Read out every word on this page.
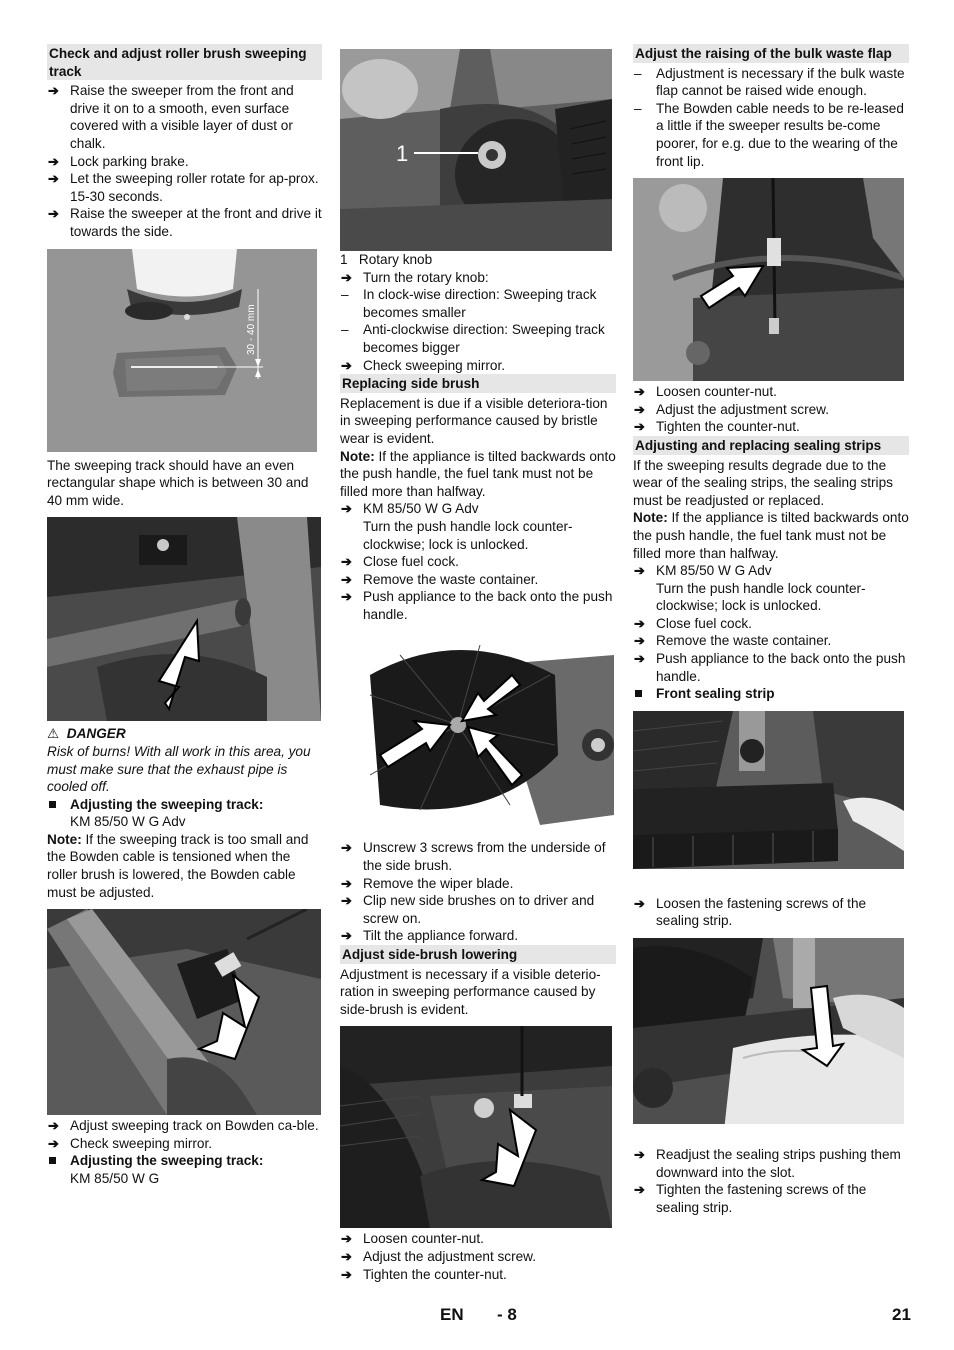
Check and adjust roller brush sweeping track
➔ Raise the sweeper from the front and drive it on to a smooth, even surface covered with a visible layer of dust or chalk.
➔ Lock parking brake.
➔ Let the sweeping roller rotate for ap-prox. 15-30 seconds.
➔ Raise the sweeper at the front and drive it towards the side.
30 - 40 mm
The sweeping track should have an even rectangular shape which is between 30 and 40 mm wide.
⚠ DANGER
Risk of burns! With all work in this area, you must make sure that the exhaust pipe is cooled off.
Adjusting the sweeping track:
KM 85/50 W G Adv
Note: If the sweeping track is too small and the Bowden cable is tensioned when the roller brush is lowered, the Bowden cable must be adjusted.
➔ Adjust sweeping track on Bowden ca-ble.
➔ Check sweeping mirror.
Adjusting the sweeping track:
KM 85/50 W G
1
1   Rotary knob
➔ Turn the rotary knob:
– In clock-wise direction: Sweeping track becomes smaller
– Anti-clockwise direction: Sweeping track becomes bigger
➔ Check sweeping mirror.
Replacing side brush
Replacement is due if a visible deteriora-tion in sweeping performance caused by bristle wear is evident.
Note: If the appliance is tilted backwards onto the push handle, the fuel tank must not be filled more than halfway.
➔ KM 85/50 W G Adv
Turn the push handle lock counter-clockwise; lock is unlocked.
➔ Close fuel cock.
➔ Remove the waste container.
➔ Push appliance to the back onto the push handle.
➔ Unscrew 3 screws from the underside of the side brush.
➔ Remove the wiper blade.
➔ Clip new side brushes on to driver and screw on.
➔ Tilt the appliance forward.
Adjust side-brush lowering
Adjustment is necessary if a visible deterio-ration in sweeping performance caused by side-brush is evident.
➔ Loosen counter-nut.
➔ Adjust the adjustment screw.
➔ Tighten the counter-nut.
Adjust the raising of the bulk waste flap
– Adjustment is necessary if the bulk waste flap cannot be raised wide enough.
– The Bowden cable needs to be re-leased a little if the sweeper results be-come poorer, for e.g. due to the wearing of the front lip.
➔ Loosen counter-nut.
➔ Adjust the adjustment screw.
➔ Tighten the counter-nut.
Adjusting and replacing sealing strips
If the sweeping results degrade due to the wear of the sealing strips, the sealing strips must be readjusted or replaced.
Note: If the appliance is tilted backwards onto the push handle, the fuel tank must not be filled more than halfway.
➔ KM 85/50 W G Adv
Turn the push handle lock counter-clockwise; lock is unlocked.
➔ Close fuel cock.
➔ Remove the waste container.
➔ Push appliance to the back onto the push handle.
Front sealing strip
➔ Loosen the fastening screws of the sealing strip.
➔ Readjust the sealing strips pushing them downward into the slot.
➔ Tighten the fastening screws of the sealing strip.
EN - 8	21
